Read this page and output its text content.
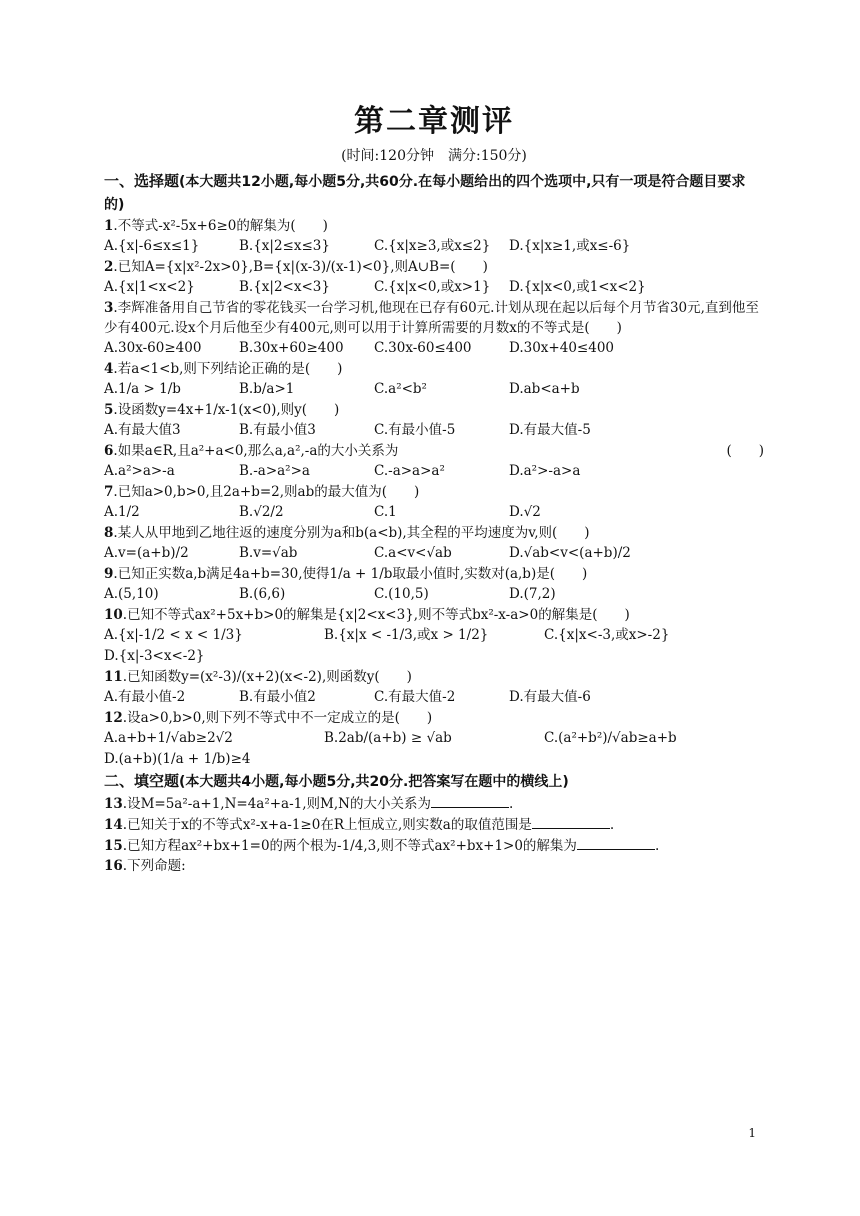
第二章测评
(时间:120分钟　满分:150分)
一、选择题(本大题共12小题,每小题5分,共60分.在每小题给出的四个选项中,只有一项是符合题目要求的)
1.不等式-x²-5x+6≥0的解集为(　　)
A.{x|-6≤x≤1}	B.{x|2≤x≤3}	C.{x|x≥3,或x≤2}	D.{x|x≥1,或x≤-6}
2.已知A={x|x²-2x>0},B={x|(x-3)/(x-1)<0},则A∪B=(　　)
A.{x|1<x<2}	B.{x|2<x<3}	C.{x|x<0,或x>1}	D.{x|x<0,或1<x<2}
3.李辉准备用自己节省的零花钱买一台学习机,他现在已存有60元.计划从现在起以后每个月节省30元,直到他至少有400元.设x个月后他至少有400元,则可以用于计算所需要的月数x的不等式是(　　)
A.30x-60≥400	B.30x+60≥400	C.30x-60≤400	D.30x+40≤400
4.若a<1<b,则下列结论正确的是(　　)
A.1/a > 1/b	B.b/a>1	C.a²<b²	D.ab<a+b
5.设函数y=4x+1/x-1(x<0),则y(　　)
A.有最大值3	B.有最小值3	C.有最小值-5	D.有最大值-5
(　　)
6.如果a∈R,且a²+a<0,那么a,a²,-a的大小关系为
A.a²>a>-a	B.-a>a²>a	C.-a>a>a²	D.a²>-a>a
7.已知a>0,b>0,且2a+b=2,则ab的最大值为(　　)
A.1/2	B.√2/2	C.1	D.√2
8.某人从甲地到乙地往返的速度分别为a和b(a<b),其全程的平均速度为v,则(　　)
A.v=(a+b)/2	B.v=√ab	C.a<v<√ab	D.√ab<v<(a+b)/2
9.已知正实数a,b满足4a+b=30,使得1/a + 1/b取最小值时,实数对(a,b)是(　　)
A.(5,10)	B.(6,6)	C.(10,5)	D.(7,2)
10.已知不等式ax²+5x+b>0的解集是{x|2<x<3},则不等式bx²-x-a>0的解集是(　　)
A.{x|-1/2 < x < 1/3}	B.{x|x < -1/3,或x > 1/2}	C.{x|x<-3,或x>-2}
D.{x|-3<x<-2}
11.已知函数y=(x²-3)/(x+2)(x<-2),则函数y(　　)
A.有最小值-2	B.有最小值2	C.有最大值-2	D.有最大值-6
12.设a>0,b>0,则下列不等式中不一定成立的是(　　)
A.a+b+1/√ab≥2√2	B.2ab/(a+b) ≥ √ab	C.(a²+b²)/√ab≥a+b
D.(a+b)(1/a + 1/b)≥4
二、填空题(本大题共4小题,每小题5分,共20分.把答案写在题中的横线上)
13.设M=5a²-a+1,N=4a²+a-1,则M,N的大小关系为	.
14.已知关于x的不等式x²-x+a-1≥0在R上恒成立,则实数a的取值范围是	.
15.已知方程ax²+bx+1=0的两个根为-1/4,3,则不等式ax²+bx+1>0的解集为	.
16.下列命题:
1
